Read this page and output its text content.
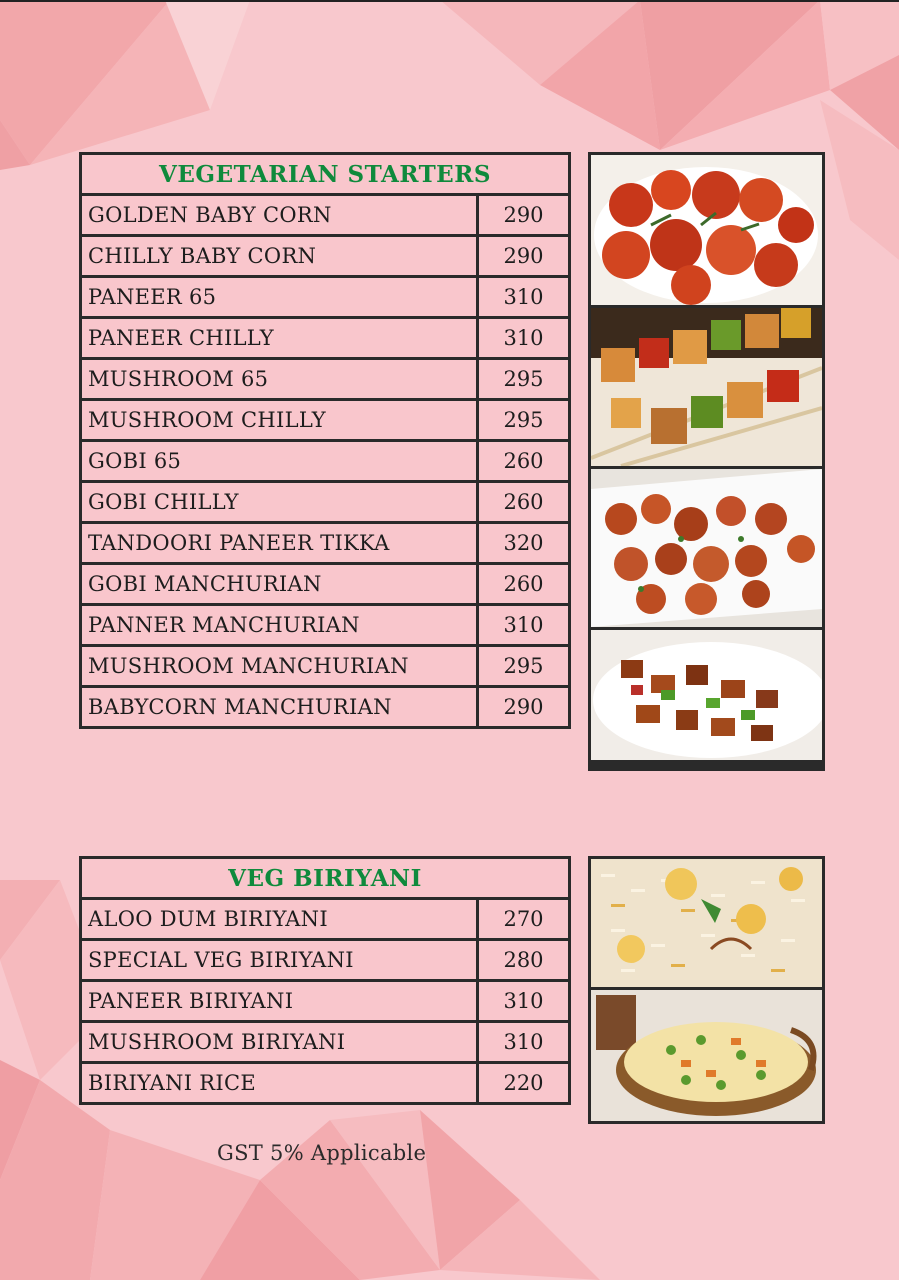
VEGETARIAN STARTERS	
GOLDEN BABY CORN	290
CHILLY BABY CORN	290
PANEER 65	310
PANEER CHILLY	310
MUSHROOM 65	295
MUSHROOM CHILLY	295
GOBI 65	260
GOBI CHILLY	260
TANDOORI PANEER TIKKA	320
GOBI MANCHURIAN	260
PANNER MANCHURIAN	310
MUSHROOM MANCHURIAN	295
BABYCORN MANCHURIAN	290
VEG BIRIYANI	
ALOO DUM BIRIYANI	270
SPECIAL VEG BIRIYANI	280
PANEER BIRIYANI	310
MUSHROOM BIRIYANI	310
BIRIYANI RICE	220
GST 5% Applicable
